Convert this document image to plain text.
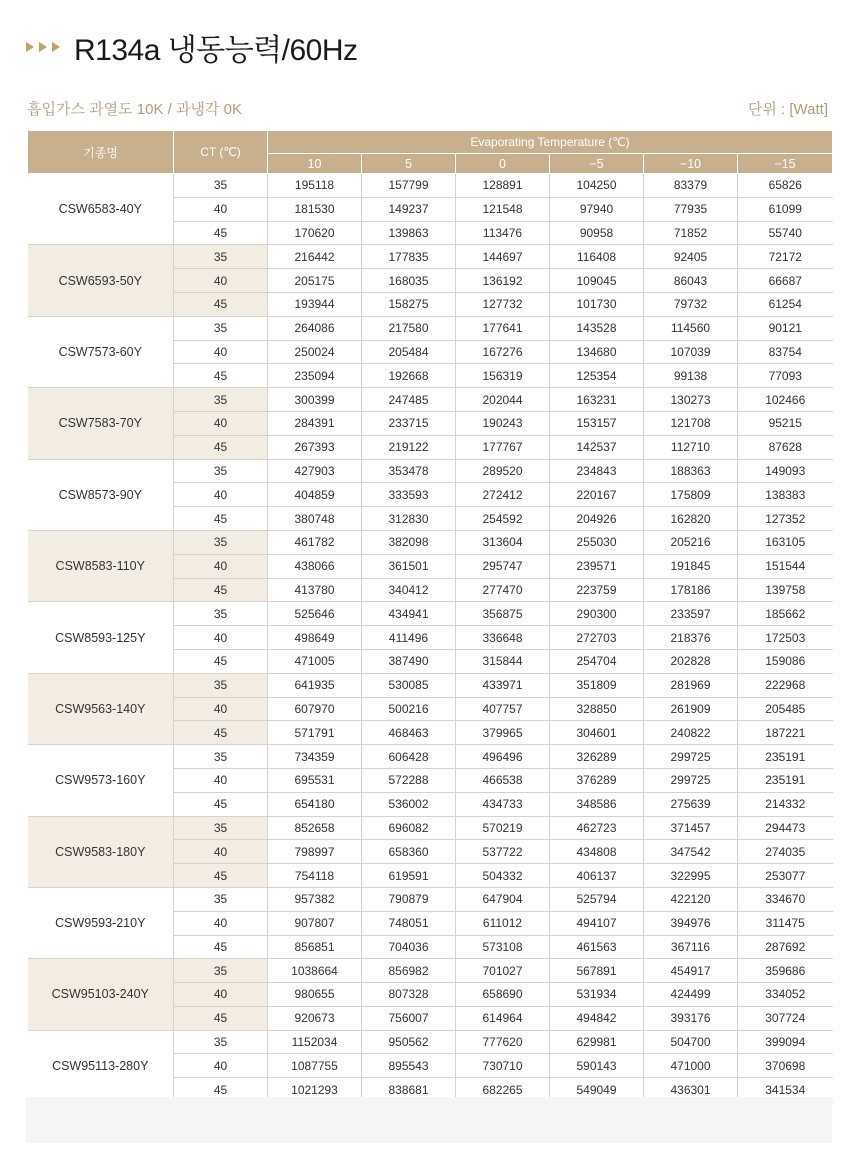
R134a 냉동능력/60Hz
흡입가스 과열도 10K / 과냉각 0K	단위 : [Watt]
기종명	CT (℃)	Evaporating Temperature (℃)					
		10	5	0	−5	−10	−15
CSW6583-40Y	35	195118	157799	128891	104250	83379	65826
	40	181530	149237	121548	97940	77935	61099
	45	170620	139863	113476	90958	71852	55740
CSW6593-50Y	35	216442	177835	144697	116408	92405	72172
	40	205175	168035	136192	109045	86043	66687
	45	193944	158275	127732	101730	79732	61254
CSW7573-60Y	35	264086	217580	177641	143528	114560	90121
	40	250024	205484	167276	134680	107039	83754
	45	235094	192668	156319	125354	99138	77093
CSW7583-70Y	35	300399	247485	202044	163231	130273	102466
	40	284391	233715	190243	153157	121708	95215
	45	267393	219122	177767	142537	112710	87628
CSW8573-90Y	35	427903	353478	289520	234843	188363	149093
	40	404859	333593	272412	220167	175809	138383
	45	380748	312830	254592	204926	162820	127352
CSW8583-110Y	35	461782	382098	313604	255030	205216	163105
	40	438066	361501	295747	239571	191845	151544
	45	413780	340412	277470	223759	178186	139758
CSW8593-125Y	35	525646	434941	356875	290300	233597	185662
	40	498649	411496	336648	272703	218376	172503
	45	471005	387490	315844	254704	202828	159086
CSW9563-140Y	35	641935	530085	433971	351809	281969	222968
	40	607970	500216	407757	328850	261909	205485
	45	571791	468463	379965	304601	240822	187221
CSW9573-160Y	35	734359	606428	496496	326289	299725	235191
	40	695531	572288	466538	376289	299725	235191
	45	654180	536002	434733	348586	275639	214332
CSW9583-180Y	35	852658	696082	570219	462723	371457	294473
	40	798997	658360	537722	434808	347542	274035
	45	754118	619591	504332	406137	322995	253077
CSW9593-210Y	35	957382	790879	647904	525794	422120	334670
	40	907807	748051	611012	494107	394976	311475
	45	856851	704036	573108	461563	367116	287692
CSW95103-240Y	35	1038664	856982	701027	567891	454917	359686
	40	980655	807328	658690	531934	424499	334052
	45	920673	756007	614964	494842	393176	307724
CSW95113-280Y	35	1152034	950562	777620	629981	504700	399094
	40	1087755	895543	730710	590143	471000	370698
	45	1021293	838681	682265	549049	436301	341534
